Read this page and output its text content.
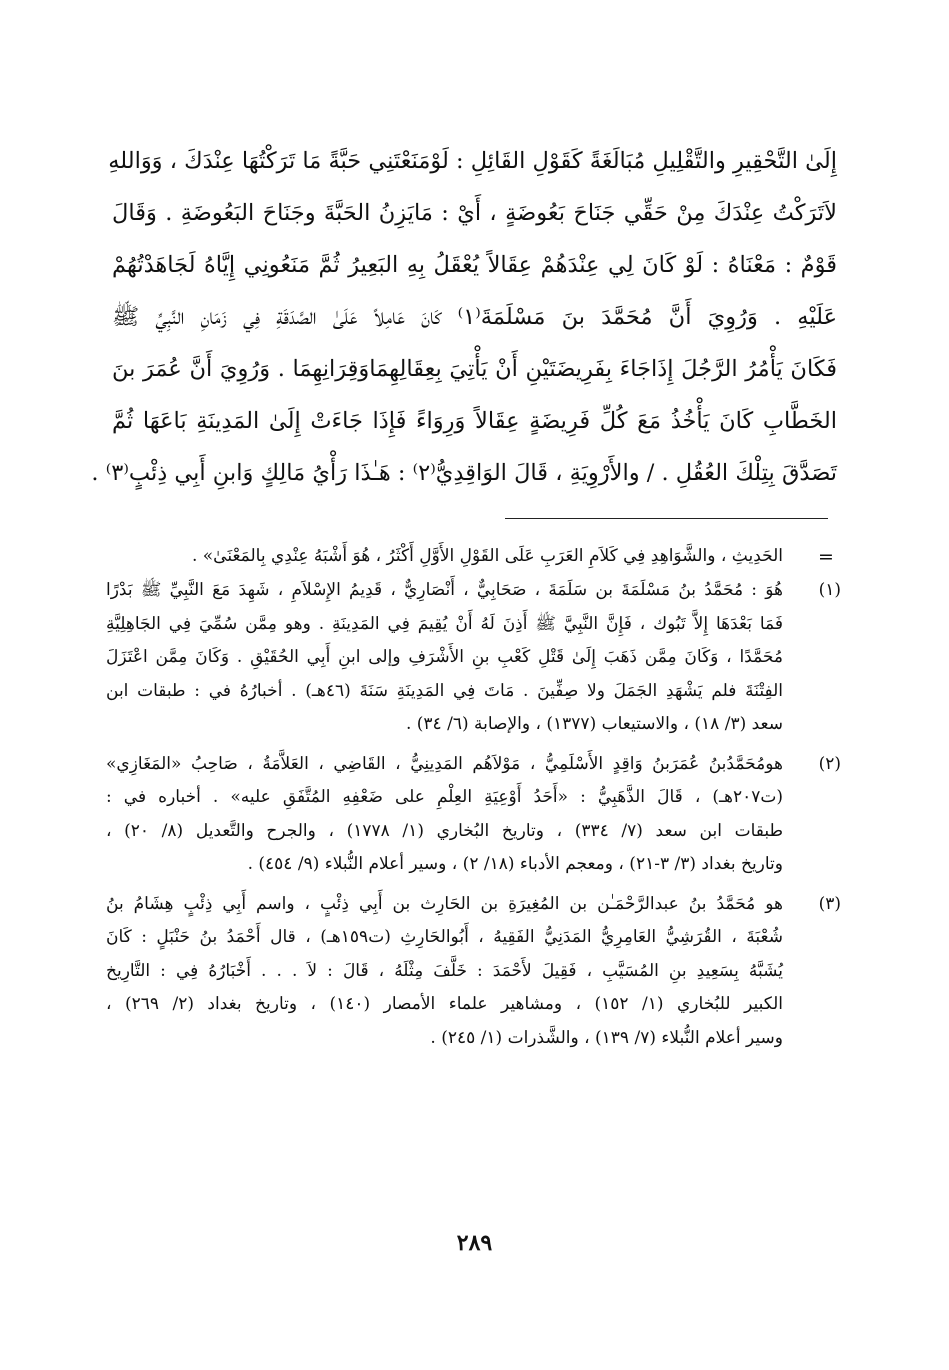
إِلَىٰ التَّحْقِيرِ والتَّقْلِيلِ مُبَالَغَةً كَقَوْلِ القَائِلِ : لَوْمَنَعْتَنِي حَبَّةً مَا تَرَكْتُهَا عِنْدَكَ ، وَوَاللهِ
لاَتَرَكْتُ عِنْدَكَ مِنْ حَقِّي جَنَاحَ بَعُوضَةٍ ، أَيْ : مَايَزِنُ الحَبَّةَ وجَنَاحَ البَعُوضَةِ . وَقَالَ
قَوْمٌ : مَعْنَاهُ : لَوْ كَانَ لِي عِنْدَهُمْ عِقَالاً يُعْقَلُ بِهِ البَعِيرُ ثُمَّ مَنَعُونِي إِيَّاهُ لَجَاهَدْتُهُمْ
عَلَيْهِ . وَرُوِيَ أَنَّ مُحَمَّدَ بنَ مَسْلَمَةَ⁽١⁾ كَانَ عَامِلاً عَلَىٰ الصَّدَقَةِ فِي زَمَانِ النَّبِيِّ ﷺ
فَكَانَ يَأْمُرُ الرَّجُلَ إِذَاجَاءَ بِفَرِيضَتَيْنِ أَنْ يَأْتِيَ بِعِقَالِهِمَاوَقِرَانِهِمَا . وَرُوِيَ أَنَّ عُمَرَ بنَ
الخَطَّابِ كَانَ يَأْخُذُ مَعَ كُلِّ فَرِيضَةٍ عِقَالاً وَرِوَاءً فَإِذَا جَاءَتْ إِلَىٰ المَدِينَةِ بَاعَهَا ثُمَّ
تَصَدَّقَ بِتِلْكَ العُقُلِ . / والأَرْوِيَةِ ، قَالَ الوَاقِدِيُّ⁽٢⁾ : هَـٰذَا رَأْيُ مَالِكٍ وَابنِ أَبِي ذِئْبٍ⁽٣⁾ .
=
الحَدِيثِ ، والشَّوَاهِدِ فِي كَلاَمِ العَرَبِ عَلَى القَوْلِ الأَوَّلِ أَكْثَرُ ، هُوَ أَشْبَهُ عِنْدِي بِالمَعْنَىٰ» .
(١)
هُوَ : مُحَمَّدُ بنُ مَسْلَمَةَ بن سَلَمَةَ ، صَحَابِيٌّ ، أَنْصَارِيٌّ ، قَدِيمُ الإِسْلاَمِ ، شَهِدَ مَعَ النَّبِيِّ ﷺ بَدْرًا
فَمَا بَعْدَهَا إِلاَّ تَبُوك ، فَإِنَّ النَّبِيَّ ﷺ أَذِنَ لَهُ أَنْ يُقِيمَ فِي المَدِينَةِ . وهو مِمَّن سُمِّيَ فِي الجَاهِلِيَّةِ
مُحَمَّدًا ، وَكَانَ مِمَّن ذَهَبَ إِلَىٰ قَتْلِ كَعْبِ بنِ الأَشْرَفِ وإلى ابنِ أَبِي الحُقَيْقِ . وَكَانَ مِمَّن اعْتَزَلَ
الفِتْنَةَ فلم يَشْهَدِ الجَمَلَ ولا صِفِّينَ . مَاتَ فِي المَدِينَةِ سَنَةَ (٤٦هـ) . أخبارُهُ في : طبقات ابن
سعد (٣/ ١٨) ، والاستيعاب (١٣٧٧) ، والإصابة (٦/ ٣٤) .
(٢)
هومُحَمَّدُبنُ عُمَرَبنُ وَاقِدٍ الأَسْلَمِيُّ ، مَوْلاَهُم المَدِينِيُّ ، القَاضِي ، العَلاَّمَةُ ، صَاحِبُ «المَغَازِي»
(ت٢٠٧هـ) ، قَالَ الذَّهَبِيُّ : «أَحَدُ أَوْعِيَةِ العِلْمِ على ضَعْفِهِ المُتَّفَقِ عليه» . أخباره في :
طبقات ابن سعد (٧/ ٣٣٤) ، وتاريخ البُخاري (١/ ١٧٧٨) ، والجرح والتَّعديل (٨/ ٢٠) ،
وتاريخ بغداد (٣/ ٣-٢١) ، ومعجم الأدباء (١٨/ ٢) ، وسير أعلام النُّبلاء (٩/ ٤٥٤) .
(٣)
هو مُحَمَّدُ بنُ عبدالرَّحْمَـٰن بن المُغِيرَةِ بن الحَارِث بن أَبِي ذِئْبٍ ، واسم أَبِي ذِئْبٍ هِشَامُ بنُ
شُعْبَةَ ، القُرَشِيُّ العَامِرِيُّ المَدَنِيُّ الفَقِيهُ ، أَبُوالحَارِثِ (ت١٥٩هـ) ، قال أَحْمَدُ بنُ حَنْبَلٍ : كَانَ
يُشَبَّهُ بِسَعِيدِ بنِ المُسَيَّبِ ، فَقِيلَ لأَحْمَدَ : خَلَّفَ مِثْلَهُ ، قَالَ : لاَ . . . أَخْبَارُهُ فِي : التَّارِيخ
الكبير للبُخاري (١/ ١٥٢) ، ومشاهير علماء الأمصار (١٤٠) ، وتاريخ بغداد (٢/ ٢٦٩) ،
وسير أعلام النُّبلاء (٧/ ١٣٩) ، والشَّذرات (١/ ٢٤٥) .
٢٨٩
